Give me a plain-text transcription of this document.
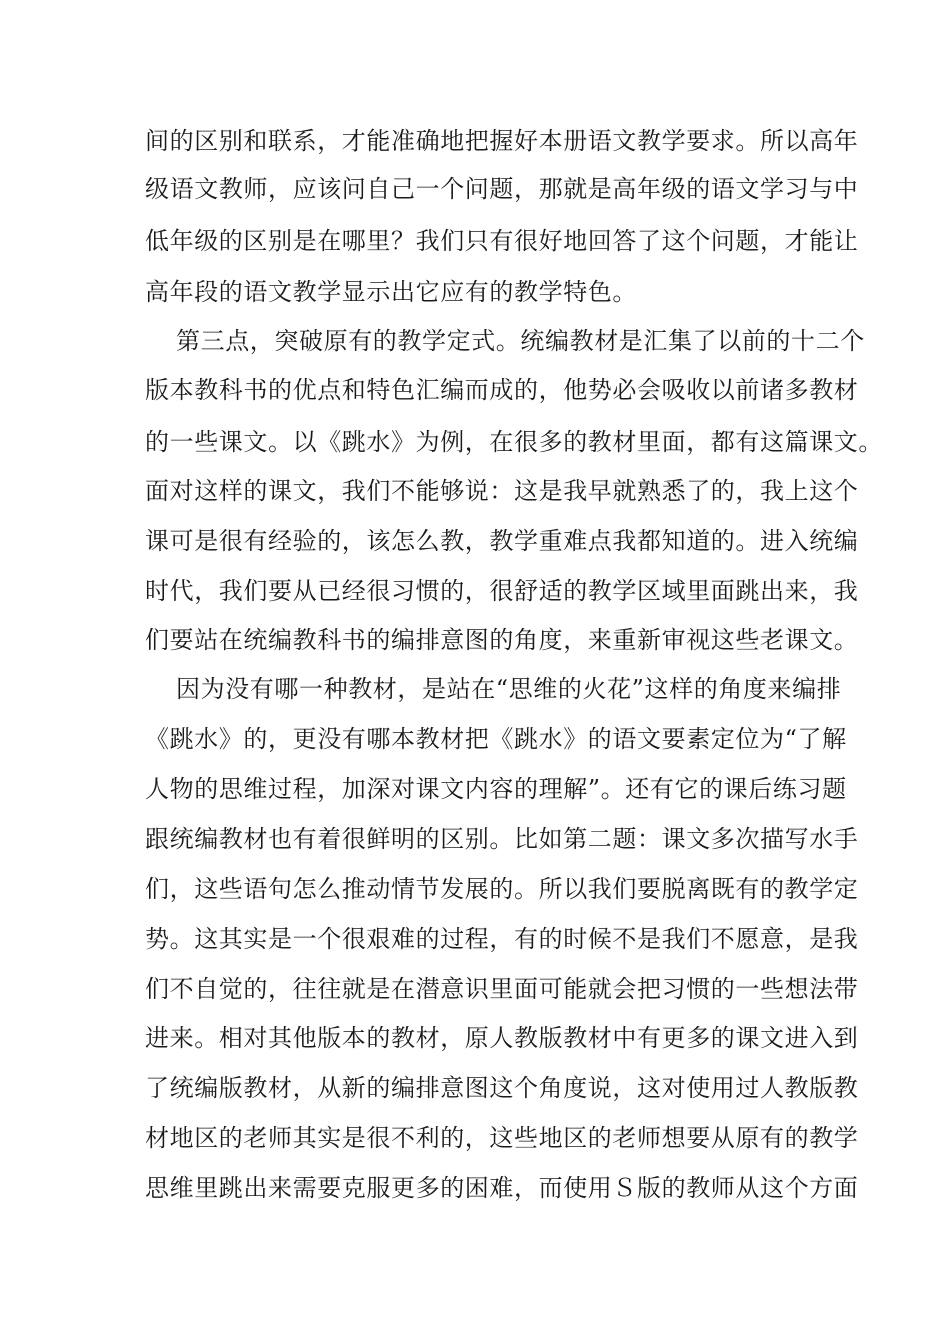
间的区别和联系，才能准确地把握好本册语文教学要求。所以高年
级语文教师，应该问自己一个问题，那就是高年级的语文学习与中
低年级的区别是在哪里？我们只有很好地回答了这个问题，才能让
高年段的语文教学显示出它应有的教学特色。
第三点，突破原有的教学定式。统编教材是汇集了以前的十二个
版本教科书的优点和特色汇编而成的，他势必会吸收以前诸多教材
的一些课文。以《跳水》为例，在很多的教材里面，都有这篇课文。
面对这样的课文，我们不能够说：这是我早就熟悉了的，我上这个
课可是很有经验的，该怎么教，教学重难点我都知道的。进入统编
时代，我们要从已经很习惯的，很舒适的教学区域里面跳出来，我
们要站在统编教科书的编排意图的角度，来重新审视这些老课文。
因为没有哪一种教材，是站在“思维的火花”这样的角度来编排
《跳水》的，更没有哪本教材把《跳水》的语文要素定位为“了解
人物的思维过程，加深对课文内容的理解”。还有它的课后练习题
跟统编教材也有着很鲜明的区别。比如第二题：课文多次描写水手
们，这些语句怎么推动情节发展的。所以我们要脱离既有的教学定
势。这其实是一个很艰难的过程，有的时候不是我们不愿意，是我
们不自觉的，往往就是在潜意识里面可能就会把习惯的一些想法带
进来。相对其他版本的教材，原人教版教材中有更多的课文进入到
了统编版教材，从新的编排意图这个角度说，这对使用过人教版教
材地区的老师其实是很不利的，这些地区的老师想要从原有的教学
思维里跳出来需要克服更多的困难，而使用Ｓ版的教师从这个方面
